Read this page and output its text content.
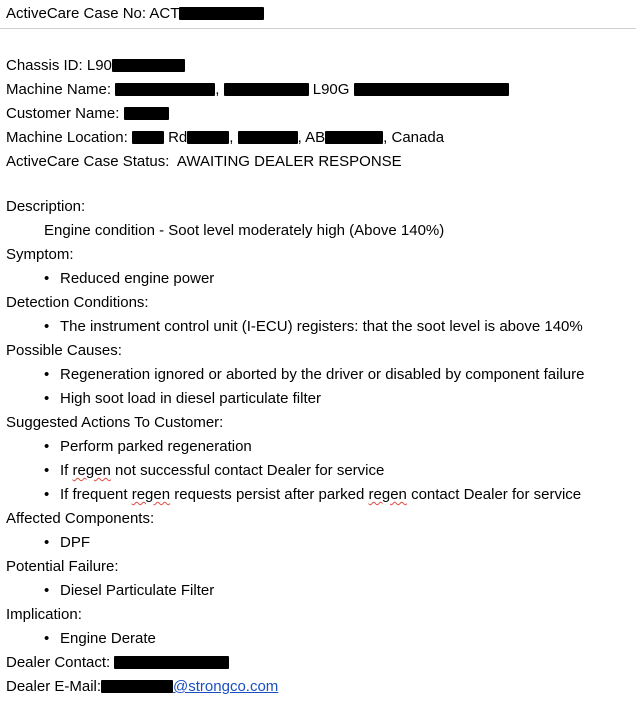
ActiveCare Case No: ACT
Chassis ID: L90
Machine Name:	,	L90G
Customer Name:
Machine Location:	Rd	,	, AB	, Canada
ActiveCare Case Status: AWAITING DEALER RESPONSE
Description:
Engine condition - Soot level moderately high (Above 140%)
Symptom:
• Reduced engine power
Detection Conditions:
• The instrument control unit (I-ECU) registers: that the soot level is above 140%
Possible Causes:
• Regeneration ignored or aborted by the driver or disabled by component failure
• High soot load in diesel particulate filter
Suggested Actions To Customer:
• Perform parked regeneration
• If regen not successful contact Dealer for service
• If frequent regen requests persist after parked regen contact Dealer for service
Affected Components:
• DPF
Potential Failure:
• Diesel Particulate Filter
Implication:
• Engine Derate
Dealer Contact:
Dealer E-Mail:	@strongco.com
